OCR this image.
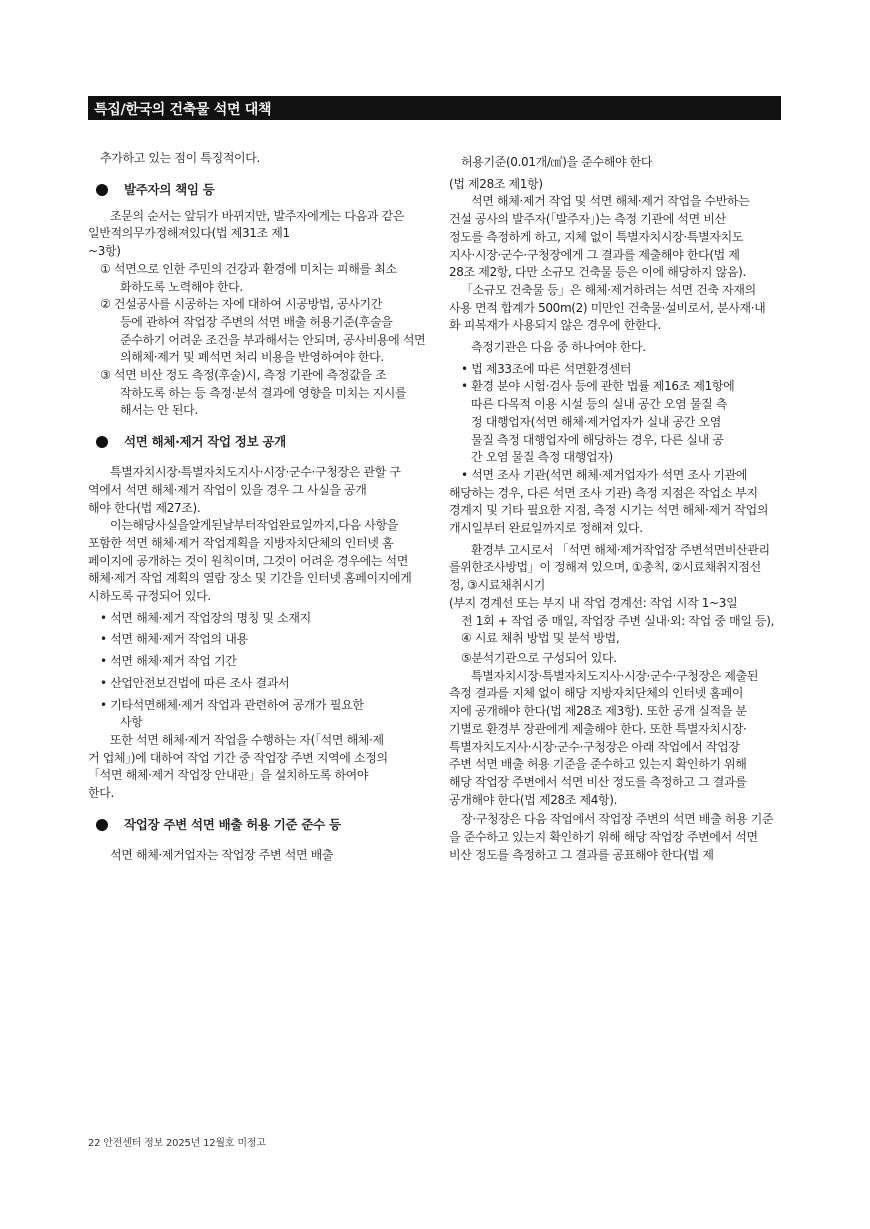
특집/한국의 건축물 석면 대책

추가하고 있는 점이 특징적이다.

발주자의 책임 등
조문의 순서는 앞뒤가 바뀌지만, 발주자에게는 다음과 같은
일반적의무가정해져있다(법 제31조 제1
~3항)
① 석면으로 인한 주민의 건강과 환경에 미치는 피해를 최소
화하도록 노력해야 한다.
② 건설공사를 시공하는 자에 대하여 시공방법, 공사기간
등에 관하여 작업장 주변의 석면 배출 허용기준(후술을
준수하기 어려운 조건을 부과해서는 안되며, 공사비용에 석면
의해체·제거 및 폐석면 처리 비용을 반영하여야 한다.
③ 석면 비산 정도 측정(후술)시, 측정 기관에 측정값을 조
작하도록 하는 등 측정·분석 결과에 영향을 미치는 지시를
해서는 안 된다.
석면 해체·제거 작업 정보 공개
특별자치시장·특별자치도지사·시장·군수·구청장은 관할 구
역에서 석면 해체·제거 작업이 있을 경우 그 사실을 공개
해야 한다(법 제27조).
이는해당사실을알게된날부터작업완료일까지,다음 사항을
포함한 석면 해체·제거 작업계획을 지방자치단체의 인터넷 홈
페이지에 공개하는 것이 원칙이며, 그것이 어려운 경우에는 석면
해체·제거 작업 계획의 열람 장소 및 기간을 인터넷 홈페이지에게
시하도록 규정되어 있다.
• 석면 해체·제거 작업장의 명칭 및 소재지
• 석면 해체·제거 작업의 내용
• 석면 해체·제거 작업 기간
• 산업안전보건법에 따른 조사 결과서
• 기타석면해체·제거 작업과 관련하여 공개가 필요한
사항
또한 석면 해체·제거 작업을 수행하는 자(「석면 해체·제
거 업체」)에 대하여 작업 기간 중 작업장 주변 지역에 소정의
「석면 해체·제거 작업장 안내판」을 설치하도록 하여야
한다.
작업장 주변 석면 배출 허용 기준 준수 등
석면 해체·제거업자는 작업장 주변 석면 배출
허용기준(0.01개/㎤)을 준수해야 한다
(법 제28조 제1항)
석면 해체·제거 작업 및 석면 해체·제거 작업을 수반하는
건설 공사의 발주자(「발주자」)는 측정 기관에 석면 비산
정도를 측정하게 하고, 지체 없이 특별자치시장·특별자치도
지사·시장·군수·구청장에게 그 결과를 제출해야 한다(법 제
28조 제2항, 다만 소규모 건축물 등은 이에 해당하지 않음).
「소규모 건축물 등」은 해체·제거하려는 석면 건축 자재의
사용 면적 합계가 500m(2) 미만인 건축물·설비로서, 분사재·내
화 피복재가 사용되지 않은 경우에 한한다.
측정기관은 다음 중 하나여야 한다.
• 법 제33조에 따른 석면환경센터
• 환경 분야 시험·검사 등에 관한 법률 제16조 제1항에
따른 다목적 이용 시설 등의 실내 공간 오염 물질 측
정 대행업자(석면 해체·제거업자가 실내 공간 오염
물질 측정 대행업자에 해당하는 경우, 다른 실내 공
간 오염 물질 측정 대행업자)
• 석면 조사 기관(석면 해체·제거업자가 석면 조사 기관에
해당하는 경우, 다른 석면 조사 기관) 측정 지점은 작업소 부지
경계지 및 기타 필요한 지점, 측정 시기는 석면 해체·제거 작업의
개시일부터 완료일까지로 정해져 있다.
환경부 고시로서 「석면 해체·제거작업장 주변석면비산관리
를위한조사방법」이 정해져 있으며, ①총칙, ②시료채취지점선
정, ③시료채취시기
(부지 경계선 또는 부지 내 작업 경계선: 작업 시작 1~3일
전 1회 + 작업 중 매일, 작업장 주변 실내·외: 작업 중 매일 등),
④ 시료 채취 방법 및 분석 방법,
⑤분석기관으로 구성되어 있다.
특별자치시장·특별자치도지사·시장·군수·구청장은 제출된
측정 결과를 지체 없이 해당 지방자치단체의 인터넷 홈페이
지에 공개해야 한다(법 제28조 제3항). 또한 공개 실적을 분
기별로 환경부 장관에게 제출해야 한다. 또한 특별자치시장·
특별자치도지사·시장·군수·구청장은 아래 작업에서 작업장
주변 석면 배출 허용 기준을 준수하고 있는지 확인하기 위해
해당 작업장 주변에서 석면 비산 정도를 측정하고 그 결과를
공개해야 한다(법 제28조 제4항).
장·구청장은 다음 작업에서 작업장 주변의 석면 배출 허용 기준
을 준수하고 있는지 확인하기 위해 해당 작업장 주변에서 석면
비산 정도를 측정하고 그 결과를 공표해야 한다(법 제
22 안전센터 정보 2025년 12월호 미정고
